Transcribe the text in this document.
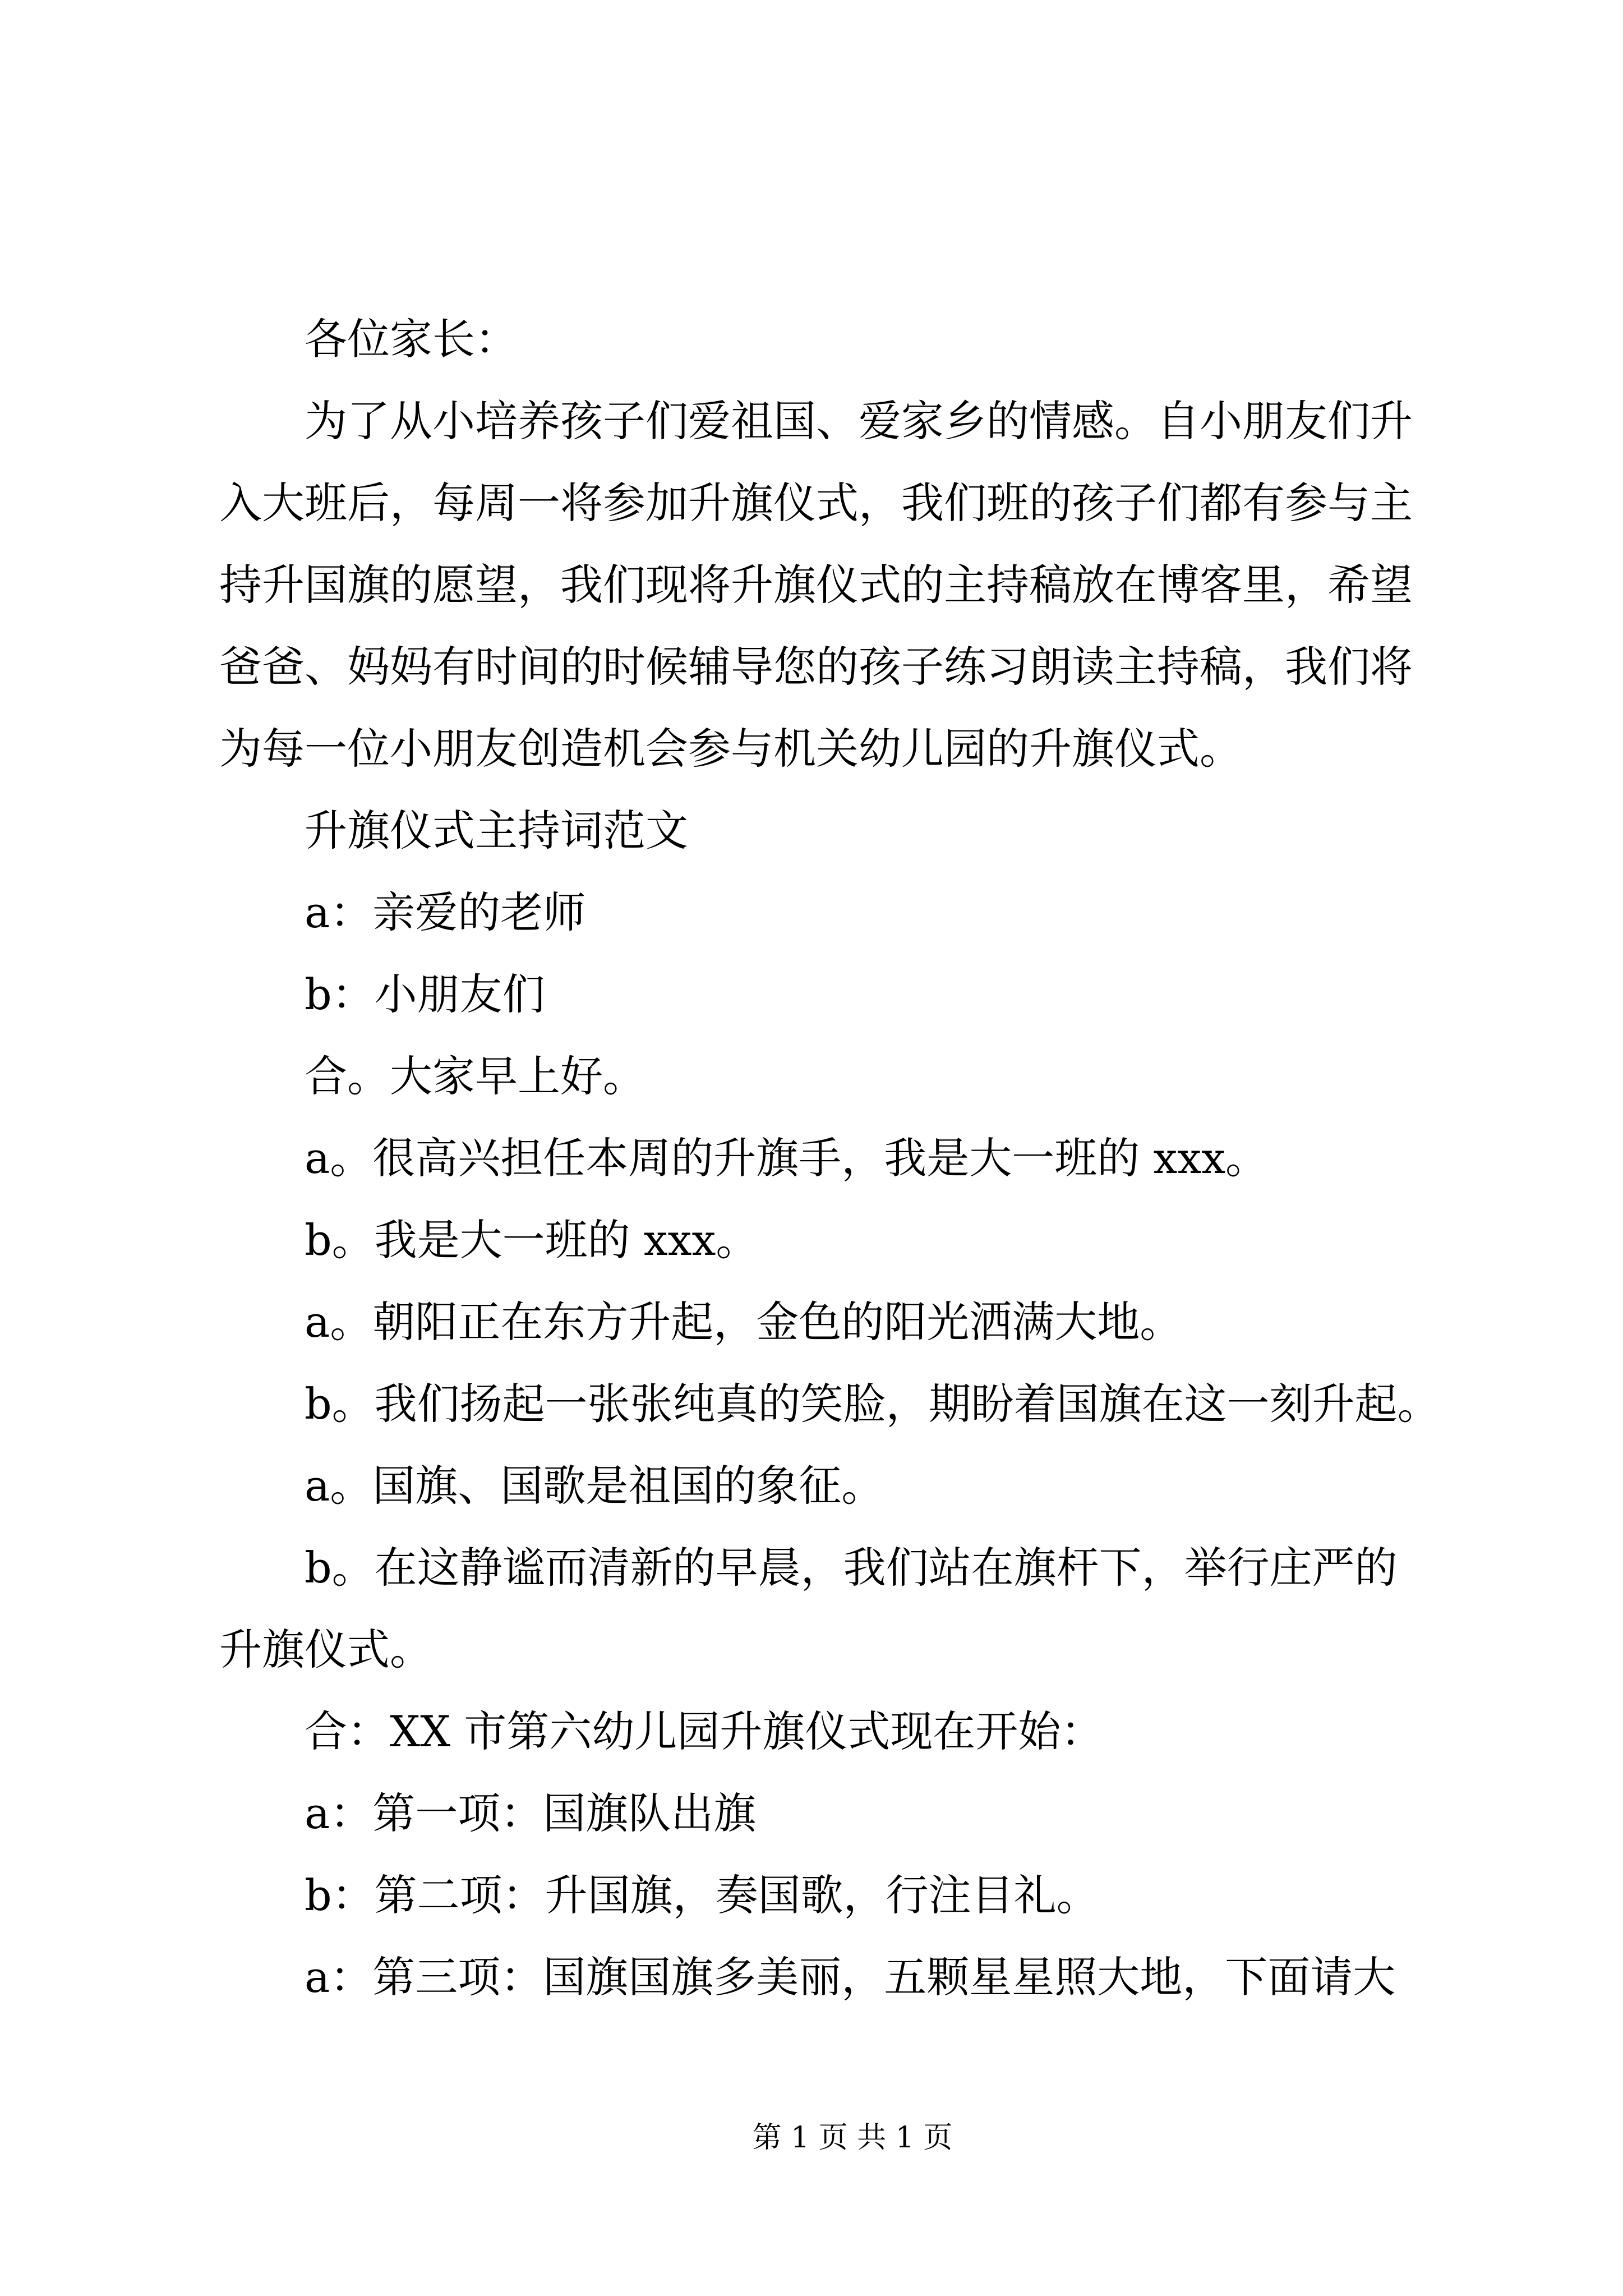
各位家长：
为了从小培养孩子们爱祖国、爱家乡的情感。自小朋友们升
入大班后，每周一将参加升旗仪式，我们班的孩子们都有参与主
持升国旗的愿望，我们现将升旗仪式的主持稿放在博客里，希望
爸爸、妈妈有时间的时候辅导您的孩子练习朗读主持稿，我们将
为每一位小朋友创造机会参与机关幼儿园的升旗仪式。
升旗仪式主持词范文
a：亲爱的老师
b：小朋友们
合。大家早上好。
a。很高兴担任本周的升旗手，我是大一班的 xxx。
b。我是大一班的 xxx。
a。朝阳正在东方升起，金色的阳光洒满大地。
b。我们扬起一张张纯真的笑脸，期盼着国旗在这一刻升起。
a。国旗、国歌是祖国的象征。
b。在这静谧而清新的早晨，我们站在旗杆下，举行庄严的
升旗仪式。
合：XX 市第六幼儿园升旗仪式现在开始：
a：第一项：国旗队出旗
b：第二项：升国旗，奏国歌，行注目礼。
a：第三项：国旗国旗多美丽，五颗星星照大地，下面请大
第 1 页 共 1 页
